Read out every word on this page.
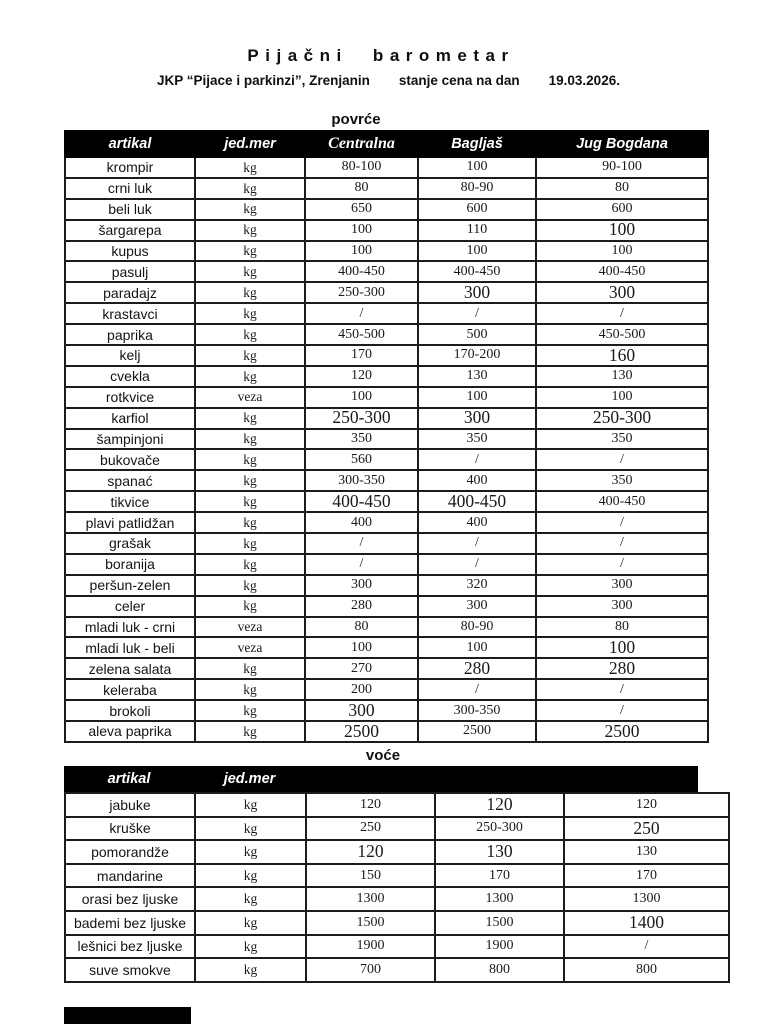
Pijačni barometar
JKP “Pijace i parkinzi”, Zrenjanin stanje cena na dan 19.03.2026.
povrće
artikal	jed.mer	Centralna	Bagljaš	Jug Bogdana
krompir	kg	80-100	100	90-100
crni luk	kg	80	80-90	80
beli luk	kg	650	600	600
šargarepa	kg	100	110	100
kupus	kg	100	100	100
pasulj	kg	400-450	400-450	400-450
paradajz	kg	250-300	300	300
krastavci	kg	/	/	/
paprika	kg	450-500	500	450-500
kelj	kg	170	170-200	160
cvekla	kg	120	130	130
rotkvice	veza	100	100	100
karfiol	kg	250-300	300	250-300
šampinjoni	kg	350	350	350
bukovače	kg	560	/	/
spanać	kg	300-350	400	350
tikvice	kg	400-450	400-450	400-450
plavi patlidžan	kg	400	400	/
grašak	kg	/	/	/
boranija	kg	/	/	/
peršun-zelen	kg	300	320	300
celer	kg	280	300	300
mladi luk - crni	veza	80	80-90	80
mladi luk - beli	veza	100	100	100
zelena salata	kg	270	280	280
keleraba	kg	200	/	/
brokoli	kg	300	300-350	/
aleva paprika	kg	2500	2500	2500
voće
artikal	jed.mer
jabuke	kg	120	120	120
kruške	kg	250	250-300	250
pomorandže	kg	120	130	130
mandarine	kg	150	170	170
orasi bez ljuske	kg	1300	1300	1300
bademi bez ljuske	kg	1500	1500	1400
lešnici bez ljuske	kg	1900	1900	/
suve smokve	kg	700	800	800
